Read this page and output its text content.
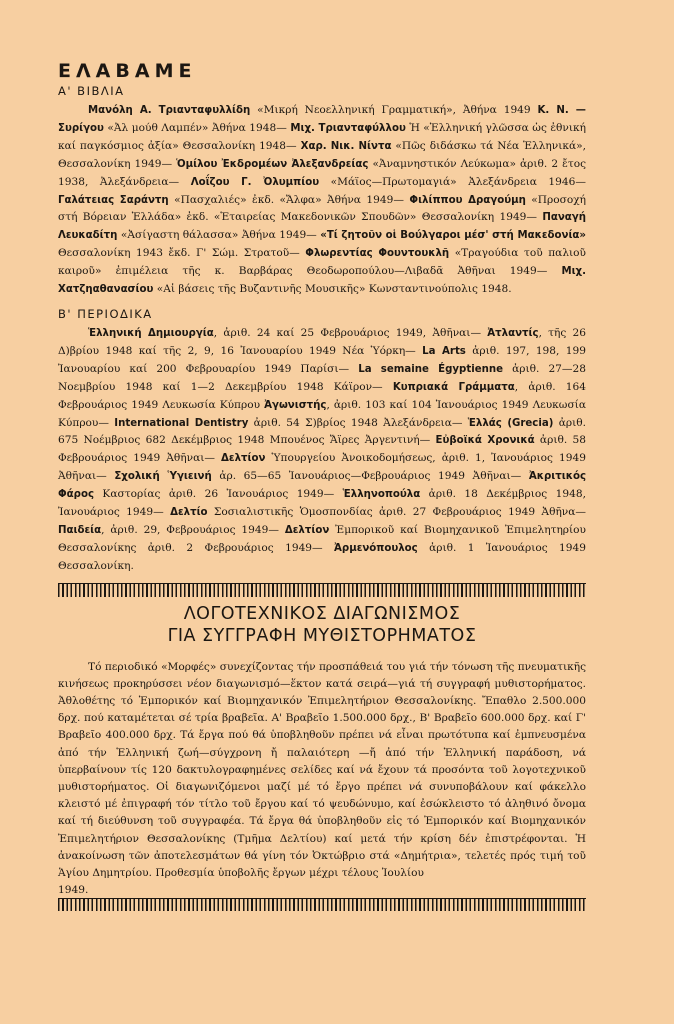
ΕΛΑΒΑΜΕ
Α' ΒΙΒΛΙΑ

Μανόλη Α. Τριανταφυλλίδη «Μικρή Νεοελληνική Γραμματική», Ἀθήνα 1949 Κ. Ν. —Συρίγου «Ἀλ μούθ Λαμπέν» Ἀθήνα 1948— Μιχ. Τριανταφύλλου Ἡ «Ἑλληνική γλῶσσα ὡς ἐθνική καί παγκόσμιος ἀξία» Θεσσαλονίκη 1948— Χαρ. Νικ. Νίντα «Πῶς διδάσκω τά Νέα Ἑλληνικά», Θεσσαλονίκη 1949— Ὁμίλου Ἐκδρομέων Ἀλεξανδρείας «Ἀναμνηστικόν Λεύκωμα» ἀριθ. 2 ἔτος 1938, Ἀλεξάνδρεια— Λοΐζου Γ. Ὀλυμπίου «Μάϊος—Πρωτομαγιά» Ἀλεξάνδρεια 1946— Γαλάτειας Σαράντη «Πασχαλιές» ἐκδ. «Ἄλφα» Ἀθήνα 1949— Φιλίππου Δραγούμη «Προσοχή στή Βόρειαν Ἑλλάδα» ἐκδ. «Ἑταιρείας Μακεδονικῶν Σπουδῶν» Θεσσαλονίκη 1949— Παναγή Λευκαδίτη «Ἀσίγαστη θάλασσα» Ἀθήνα 1949— «Τί ζητοῦν οἱ Βούλγαροι μέσ' στή Μακεδονία» Θεσσαλονίκη 1943 ἔκδ. Γ' Σώμ. Στρατοῦ— Φλωρεντίας Φουντουκλῆ «Τραγούδια τοῦ παλιοῦ καιροῦ» ἐπιμέλεια τῆς κ. Βαρβάρας Θεοδωροπούλου—Λιβαδᾶ Ἀθῆναι 1949— Μιχ. Χατζηαθανασίου «Αἱ βάσεις τῆς Βυζαντινῆς Μουσικῆς» Κωνσταντινούπολις 1948.

Β' ΠΕΡΙΟΔΙΚΑ

Ἑλληνική Δημιουργία, ἀριθ. 24 καί 25 Φεβρουάριος 1949, Ἀθῆναι— Ἀτλαντίς, τῆς 26 Δ)βρίου 1948 καί τῆς 2, 9, 16 Ἰανουαρίου 1949 Νέα Ὑόρκη— La Arts ἀριθ. 197, 198, 199 Ἰανουαρίου καί 200 Φεβρουαρίου 1949 Παρίσι— La semaine Égyptienne ἀριθ. 27—28 Νοεμβρίου 1948 καί 1—2 Δεκεμβρίου 1948 Κάϊρον— Κυπριακά Γράμματα, ἀριθ. 164 Φεβρουάριος 1949 Λευκωσία Κύπρου Ἀγωνιστής, ἀριθ. 103 καί 104 Ἰανουάριος 1949 Λευκωσία Κύπρου— International Dentistry ἀριθ. 54 Σ)βρίος 1948 Ἀλεξάνδρεια— Ἑλλάς (Grecia) ἀριθ. 675 Νοέμβριος 682 Δεκέμβριος 1948 Μπουένος Ἄϊρες Ἀργεντινή— Εὐβοϊκά Χρονικά ἀριθ. 58 Φεβρουάριος 1949 Ἀθῆναι— Δελτίον Ὑπουργείου Ἀνοικοδομήσεως, ἀριθ. 1, Ἰανουάριος 1949 Ἀθῆναι— Σχολική Ὑγιεινή ἀρ. 65—65 Ἰανουάριος—Φεβρουάριος 1949 Ἀθῆναι— Ἀκριτικός Φάρος Καστορίας ἀριθ. 26 Ἰανουάριος 1949— Ἑλληνοπούλα ἀριθ. 18 Δεκέμβριος 1948, Ἰανουάριος 1949— Δελτίο Σοσιαλιστικῆς Ὁμοσπονδίας ἀριθ. 27 Φεβρουάριος 1949 Ἀθῆνα— Παιδεία, ἀριθ. 29, Φεβρουάριος 1949— Δελτίον Ἐμπορικοῦ καί Βιομηχανικοῦ Ἐπιμελητηρίου Θεσσαλονίκης ἀριθ. 2 Φεβρουάριος 1949— Ἀρμενόπουλος ἀριθ. 1 Ἰανουάριος 1949 Θεσσαλονίκη.

ΛΟΓΟΤΕΧΝΙΚΟΣ ΔΙΑΓΩΝΙΣΜΟΣ
ΓΙΑ ΣΥΓΓΡΑΦΗ ΜΥΘΙΣΤΟΡΗΜΑΤΟΣ

Τό περιοδικό «Μορφές» συνεχίζοντας τήν προσπάθειά του γιά τήν τόνωση τῆς πνευματικῆς κινήσεως προκηρύσσει νέον διαγωνισμό—ἕκτον κατά σειρά—γιά τή συγγραφή μυθιστορήματος. Ἀθλοθέτης τό Ἐμπορικόν καί Βιομηχανικόν Ἐπιμελητήριον Θεσσαλονίκης. Ἔπαθλο 2.500.000 δρχ. πού καταμέτεται σέ τρία βραβεῖα. Α' Βραβεῖο 1.500.000 δρχ., Β' Βραβεῖο 600.000 δρχ. καί Γ' Βραβεῖο 400.000 δρχ. Τά ἔργα πού θά ὑποβληθοῦν πρέπει νά εἶναι πρωτότυπα καί ἐμπνευσμένα ἀπό τήν Ἑλληνική ζωή—σύγχρονη ἤ παλαιότερη —ἤ ἀπό τήν Ἑλληνική παράδοση, νά ὑπερβαίνουν τίς 120 δακτυλογραφημένες σελίδες καί νά ἔχουν τά προσόντα τοῦ λογοτεχνικοῦ μυθιστορήματος. Οἱ διαγωνιζόμενοι μαζί μέ τό ἔργο πρέπει νά συνυποβάλουν καί φάκελλο κλειστό μέ ἐπιγραφή τόν τίτλο τοῦ ἔργου καί τό ψευδώνυμο, καί ἐσώκλειστο τό ἀληθινό ὄνομα καί τή διεύθυνση τοῦ συγγραφέα. Τά ἔργα θά ὑποβληθοῦν εἰς τό Ἐμπορικόν καί Βιομηχανικόν Ἐπιμελητήριον Θεσσαλονίκης (Τμῆμα Δελτίου) καί μετά τήν κρίση δέν ἐπιστρέφονται. Ἡ ἀνακοίνωση τῶν ἀποτελεσμάτων θά γίνη τόν Ὀκτώβριο στά «Δημήτρια», τελετές πρός τιμή τοῦ Ἁγίου Δημητρίου. Προθεσμία ὑποβολῆς ἔργων μέχρι τέλους Ἰουλίου

1949.
